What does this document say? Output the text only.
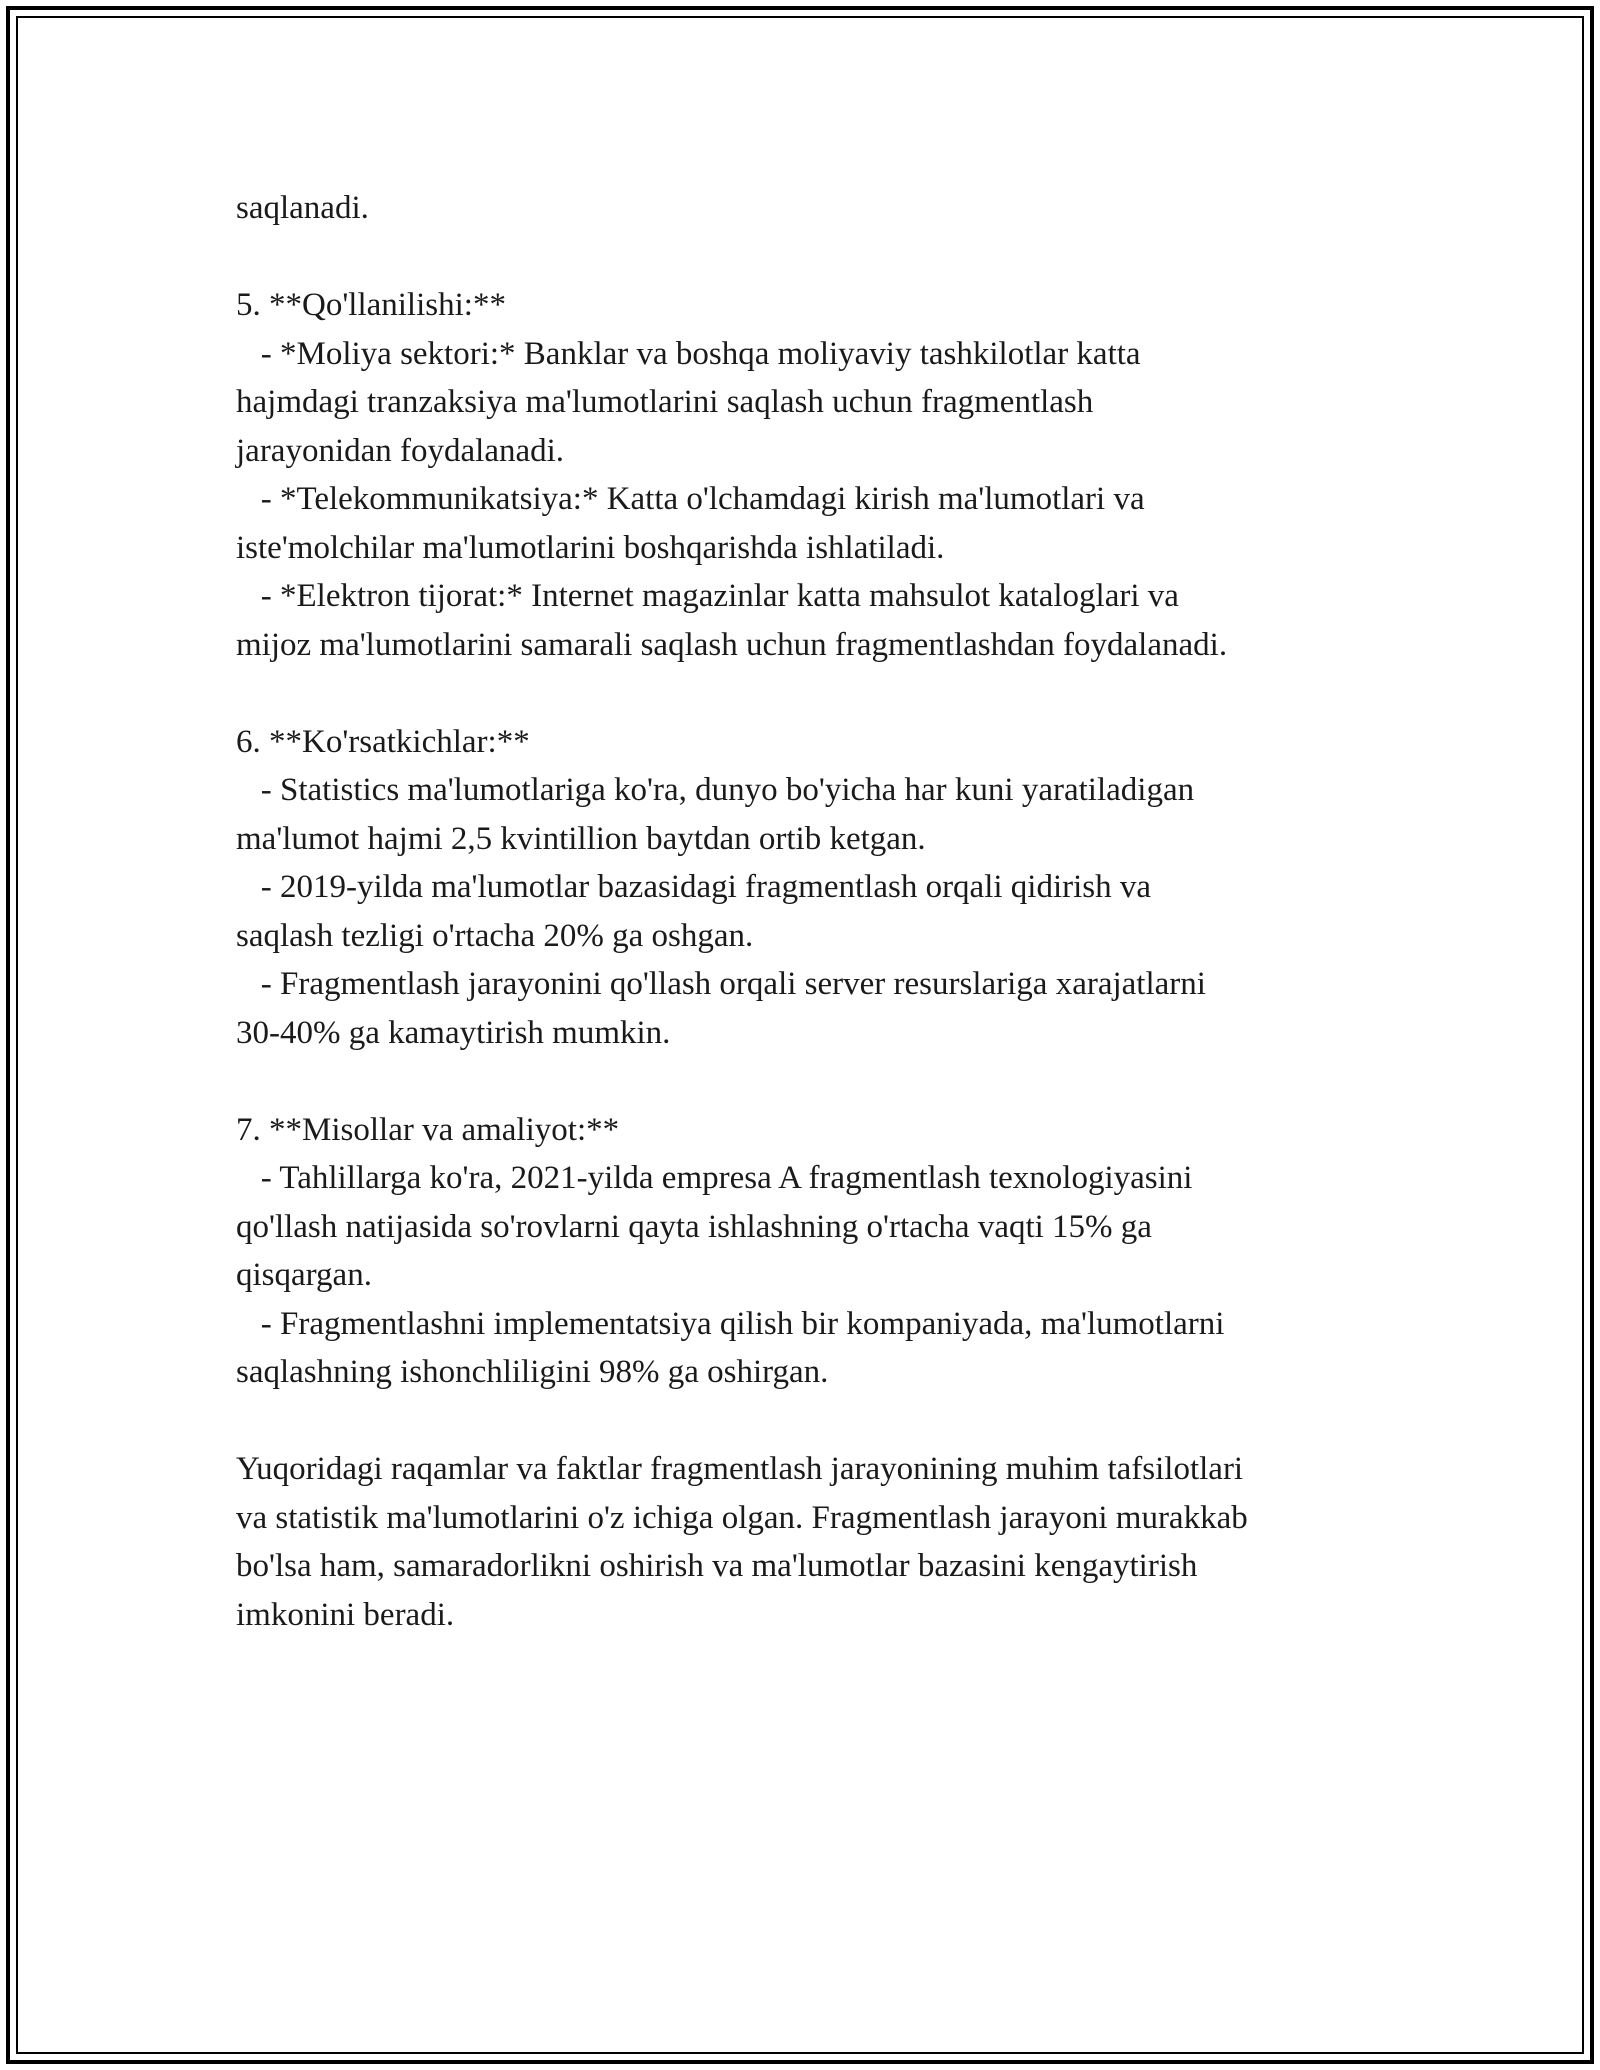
saqlanadi.
5. **Qo'llanilishi:**
- *Moliya sektori:* Banklar va boshqa moliyaviy tashkilotlar katta
hajmdagi tranzaksiya ma'lumotlarini saqlash uchun fragmentlash
jarayonidan foydalanadi.
- *Telekommunikatsiya:* Katta o'lchamdagi kirish ma'lumotlari va
iste'molchilar ma'lumotlarini boshqarishda ishlatiladi.
- *Elektron tijorat:* Internet magazinlar katta mahsulot kataloglari va
mijoz ma'lumotlarini samarali saqlash uchun fragmentlashdan foydalanadi.
6. **Ko'rsatkichlar:**
- Statistics ma'lumotlariga ko'ra, dunyo bo'yicha har kuni yaratiladigan
ma'lumot hajmi 2,5 kvintillion baytdan ortib ketgan.
- 2019-yilda ma'lumotlar bazasidagi fragmentlash orqali qidirish va
saqlash tezligi o'rtacha 20% ga oshgan.
- Fragmentlash jarayonini qo'llash orqali server resurslariga xarajatlarni
30-40% ga kamaytirish mumkin.
7. **Misollar va amaliyot:**
- Tahlillarga ko'ra, 2021-yilda empresa A fragmentlash texnologiyasini
qo'llash natijasida so'rovlarni qayta ishlashning o'rtacha vaqti 15% ga
qisqargan.
- Fragmentlashni implementatsiya qilish bir kompaniyada, ma'lumotlarni
saqlashning ishonchliligini 98% ga oshirgan.
Yuqoridagi raqamlar va faktlar fragmentlash jarayonining muhim tafsilotlari
va statistik ma'lumotlarini o'z ichiga olgan. Fragmentlash jarayoni murakkab
bo'lsa ham, samaradorlikni oshirish va ma'lumotlar bazasini kengaytirish
imkonini beradi.
